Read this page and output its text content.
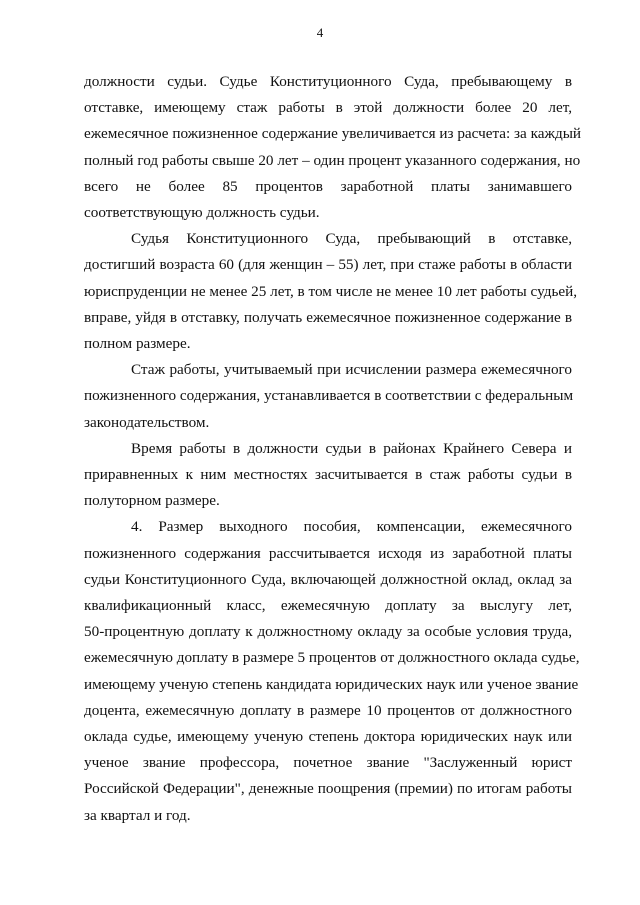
4
должности судьи. Судье Конституционного Суда, пребывающему в
отставке, имеющему стаж работы в этой должности более 20 лет,
ежемесячное пожизненное содержание увеличивается из расчета: за каждый
полный год работы свыше 20 лет – один процент указанного содержания, но
всего не более 85 процентов заработной платы занимавшего
соответствующую должность судьи.
Судья Конституционного Суда, пребывающий в отставке,
достигший возраста 60 (для женщин – 55) лет, при стаже работы в области
юриспруденции не менее 25 лет, в том числе не менее 10 лет работы судьей,
вправе, уйдя в отставку, получать ежемесячное пожизненное содержание в
полном размере.
Стаж работы, учитываемый при исчислении размера ежемесячного
пожизненного содержания, устанавливается в соответствии с федеральным
законодательством.
Время работы в должности судьи в районах Крайнего Севера и
приравненных к ним местностях засчитывается в стаж работы судьи в
полуторном размере.
4. Размер выходного пособия, компенсации, ежемесячного
пожизненного содержания рассчитывается исходя из заработной платы
судьи Конституционного Суда, включающей должностной оклад, оклад за
квалификационный класс, ежемесячную доплату за выслугу лет,
50-процентную доплату к должностному окладу за особые условия труда,
ежемесячную доплату в размере 5 процентов от должностного оклада судье,
имеющему ученую степень кандидата юридических наук или ученое звание
доцента, ежемесячную доплату в размере 10 процентов от должностного
оклада судье, имеющему ученую степень доктора юридических наук или
ученое звание профессора, почетное звание "Заслуженный юрист
Российской Федерации", денежные поощрения (премии) по итогам работы
за квартал и год.
